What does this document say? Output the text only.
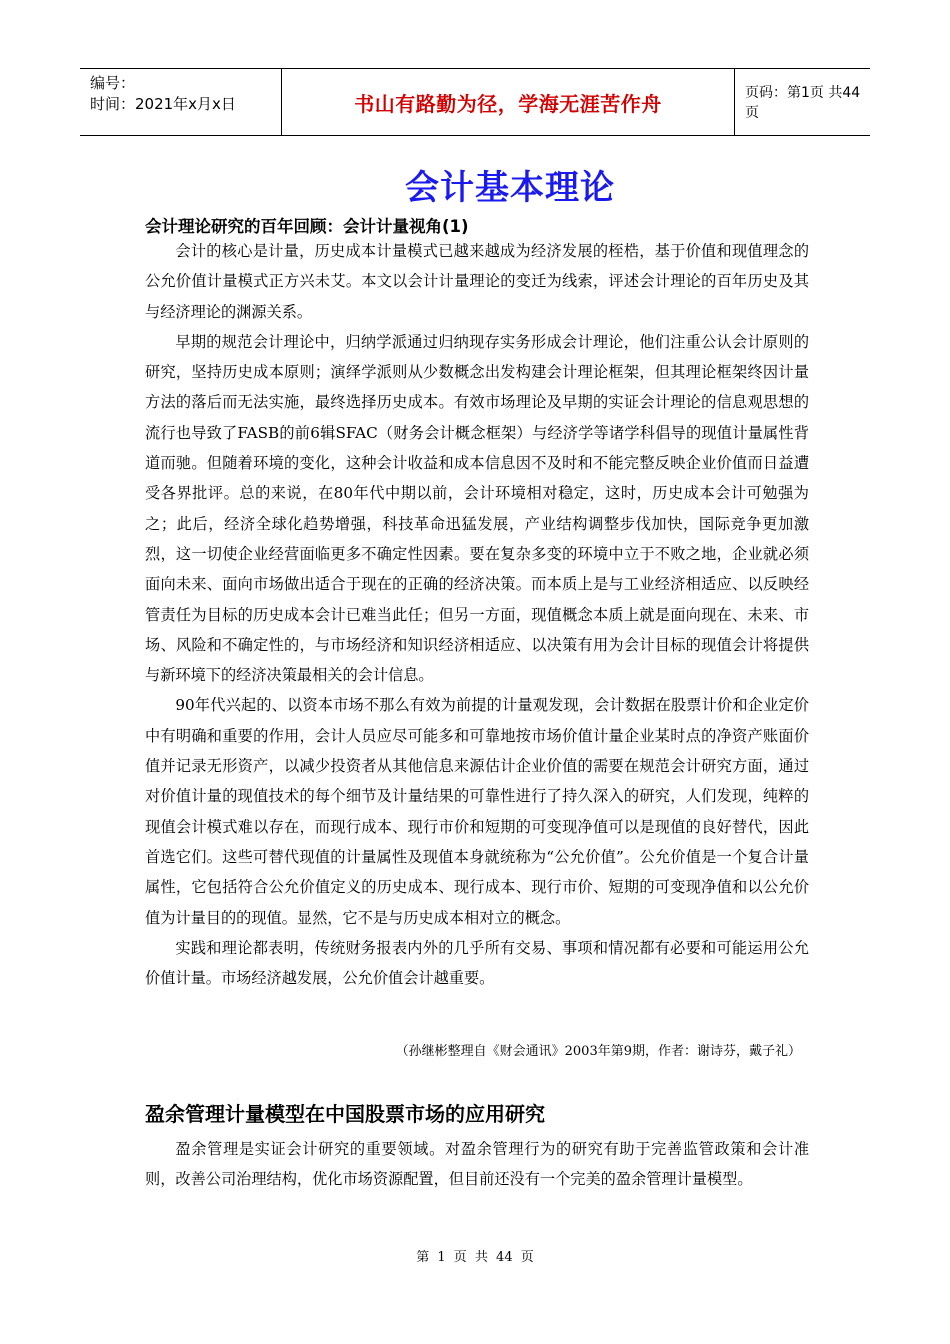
编号：
时间：2021年x月x日	书山有路勤为径，学海无涯苦作舟	页码：第1页 共44页
会计基本理论
会计理论研究的百年回顾：会计计量视角(1)

会计的核心是计量，历史成本计量模式已越来越成为经济发展的桎梏，基于价值和现值理念的公允价值计量模式正方兴未艾。本文以会计计量理论的变迁为线索，评述会计理论的百年历史及其与经济理论的渊源关系。

早期的规范会计理论中，归纳学派通过归纳现存实务形成会计理论，他们注重公认会计原则的研究，坚持历史成本原则；演绎学派则从少数概念出发构建会计理论框架，但其理论框架终因计量方法的落后而无法实施，最终选择历史成本。有效市场理论及早期的实证会计理论的信息观思想的流行也导致了FASB的前6辑SFAC（财务会计概念框架）与经济学等诸学科倡导的现值计量属性背道而驰。但随着环境的变化，这种会计收益和成本信息因不及时和不能完整反映企业价值而日益遭受各界批评。总的来说，在80年代中期以前，会计环境相对稳定，这时，历史成本会计可勉强为之；此后，经济全球化趋势增强，科技革命迅猛发展，产业结构调整步伐加快，国际竞争更加激烈，这一切使企业经营面临更多不确定性因素。要在复杂多变的环境中立于不败之地，企业就必须面向未来、面向市场做出适合于现在的正确的经济决策。而本质上是与工业经济相适应、以反映经管责任为目标的历史成本会计已难当此任；但另一方面，现值概念本质上就是面向现在、未来、市场、风险和不确定性的，与市场经济和知识经济相适应、以决策有用为会计目标的现值会计将提供与新环境下的经济决策最相关的会计信息。

90年代兴起的、以资本市场不那么有效为前提的计量观发现，会计数据在股票计价和企业定价中有明确和重要的作用，会计人员应尽可能多和可靠地按市场价值计量企业某时点的净资产账面价值并记录无形资产，以减少投资者从其他信息来源估计企业价值的需要在规范会计研究方面，通过对价值计量的现值技术的每个细节及计量结果的可靠性进行了持久深入的研究，人们发现，纯粹的现值会计模式难以存在，而现行成本、现行市价和短期的可变现净值可以是现值的良好替代，因此首选它们。这些可替代现值的计量属性及现值本身就统称为“公允价值”。公允价值是一个复合计量属性，它包括符合公允价值定义的历史成本、现行成本、现行市价、短期的可变现净值和以公允价值为计量目的的现值。显然，它不是与历史成本相对立的概念。

实践和理论都表明，传统财务报表内外的几乎所有交易、事项和情况都有必要和可能运用公允价值计量。市场经济越发展，公允价值会计越重要。

（孙继彬整理自《财会通讯》2003年第9期，作者：谢诗芬，戴子礼）
盈余管理计量模型在中国股票市场的应用研究

盈余管理是实证会计研究的重要领域。对盈余管理行为的研究有助于完善监管政策和会计准则，改善公司治理结构，优化市场资源配置，但目前还没有一个完美的盈余管理计量模型。

第 1 页 共 44 页
